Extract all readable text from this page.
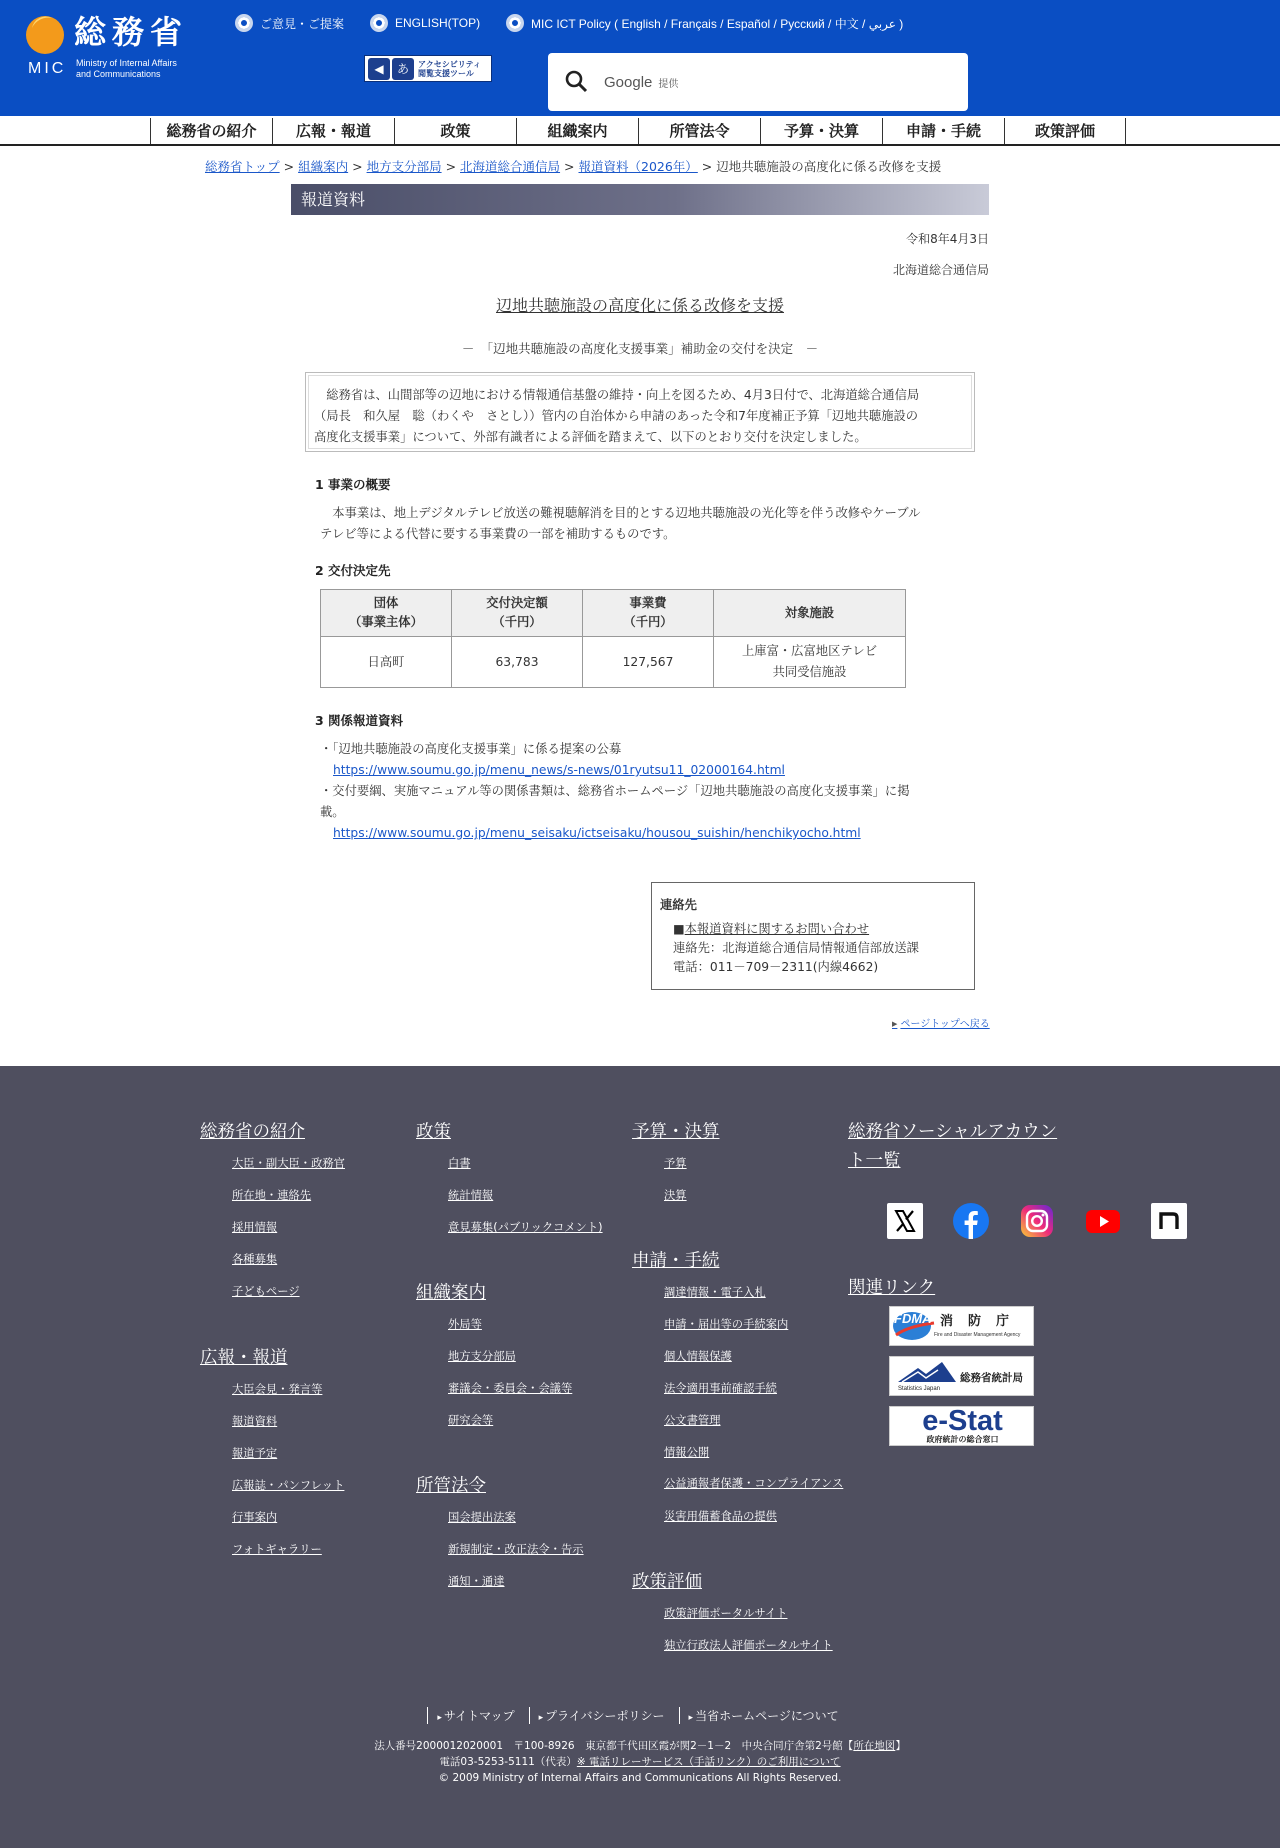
総務省
MIC Ministry of Internal Affairs
and Communications
ご意見・ご提案	ENGLISH(TOP)	MIC ICT Policy ( English / Français / Español / Русский / 中文 / عربي )
◀	あ	アクセシビリティ
閲覧支援ツール
Google 提供
総務省の紹介	広報・報道	政策	組織案内	所管法令	予算・決算	申請・手続	政策評価
総務省トップ > 組織案内 > 地方支分部局 > 北海道総合通信局 > 報道資料（2026年） > 辺地共聴施設の高度化に係る改修を支援
報道資料
令和8年4月3日
北海道総合通信局
辺地共聴施設の高度化に係る改修を支援
－　「辺地共聴施設の高度化支援事業」補助金の交付を決定　－
　総務省は、山間部等の辺地における情報通信基盤の維持・向上を図るため、4月3日付で、北海道総合通信局
（局長　和久屋　聡（わくや　さとし））管内の自治体から申請のあった令和7年度補正予算「辺地共聴施設の
高度化支援事業」について、外部有識者による評価を踏まえて、以下のとおり交付を決定しました。
1 事業の概要
　本事業は、地上デジタルテレビ放送の難視聴解消を目的とする辺地共聴施設の光化等を伴う改修やケーブル
テレビ等による代替に要する事業費の一部を補助するものです。
2 交付決定先
団体
（事業主体）	交付決定額
（千円）	事業費
（千円）	対象施設
日高町	63,783	127,567	上庫富・広富地区テレビ
共同受信施設
3 関係報道資料
・「辺地共聴施設の高度化支援事業」に係る提案の公募
https://www.soumu.go.jp/menu_news/s-news/01ryutsu11_02000164.html
・交付要綱、実施マニュアル等の関係書類は、総務省ホームページ「辺地共聴施設の高度化支援事業」に掲
載。
https://www.soumu.go.jp/menu_seisaku/ictseisaku/housou_suishin/henchikyocho.html
連絡先
■本報道資料に関するお問い合わせ
連絡先：北海道総合通信局情報通信部放送課
電話：011－709－2311(内線4662)
▶ ページトップへ戻る
総務省の紹介
大臣・副大臣・政務官
所在地・連絡先
採用情報
各種募集
子どもページ
広報・報道
大臣会見・発言等
報道資料
報道予定
広報誌・パンフレット
行事案内
フォトギャラリー
政策
白書
統計情報
意見募集(パブリックコメント)
組織案内
外局等
地方支分部局
審議会・委員会・会議等
研究会等
所管法令
国会提出法案
新規制定・改正法令・告示
通知・通達
予算・決算
予算
決算
申請・手続
調達情報・電子入札
申請・届出等の手続案内
個人情報保護
法令適用事前確認手続
公文書管理
情報公開
公益通報者保護・コンプライアンス
災害用備蓄食品の提供
政策評価
政策評価ポータルサイト
独立行政法人評価ポータルサイト
総務省ソーシャルアカウン
ト一覧
関連リンク
FDMA 消　防　庁
Fire and Disaster Management Agency
総務省統計局
Statistics Japan
e-Stat
政府統計の総合窓口
▸ サイトマップ	▸ プライバシーポリシー	▸ 当省ホームページについて
法人番号2000012020001　〒100-8926　東京都千代田区霞が関2－1－2　中央合同庁舎第2号館【所在地図】
電話03-5253-5111（代表）※ 電話リレーサービス（手話リンク）のご利用について
© 2009 Ministry of Internal Affairs and Communications All Rights Reserved.
